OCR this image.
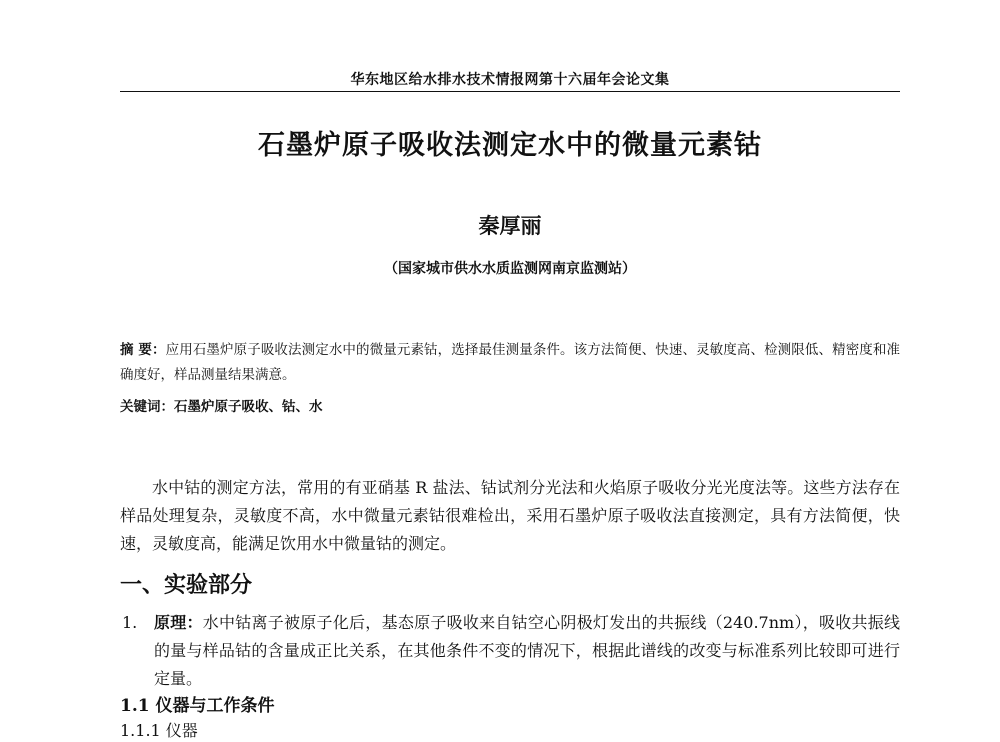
华东地区给水排水技术情报网第十六届年会论文集
石墨炉原子吸收法测定水中的微量元素钴
秦厚丽
（国家城市供水水质监测网南京监测站）
摘 要：应用石墨炉原子吸收法测定水中的微量元素钴，选择最佳测量条件。该方法简便、快速、灵敏度高、检测限低、精密度和准确度好，样品测量结果满意。
关键词：石墨炉原子吸收、钴、水
水中钴的测定方法，常用的有亚硝基 R 盐法、钴试剂分光法和火焰原子吸收分光光度法等。这些方法存在样品处理复杂，灵敏度不高，水中微量元素钴很难检出，采用石墨炉原子吸收法直接测定，具有方法简便，快速，灵敏度高，能满足饮用水中微量钴的测定。
一、实验部分
1. 原理：水中钴离子被原子化后，基态原子吸收来自钴空心阴极灯发出的共振线（240.7nm），吸收共振线的量与样品钴的含量成正比关系，在其他条件不变的情况下，根据此谱线的改变与标准系列比较即可进行定量。
1.1 仪器与工作条件
1.1.1 仪器
